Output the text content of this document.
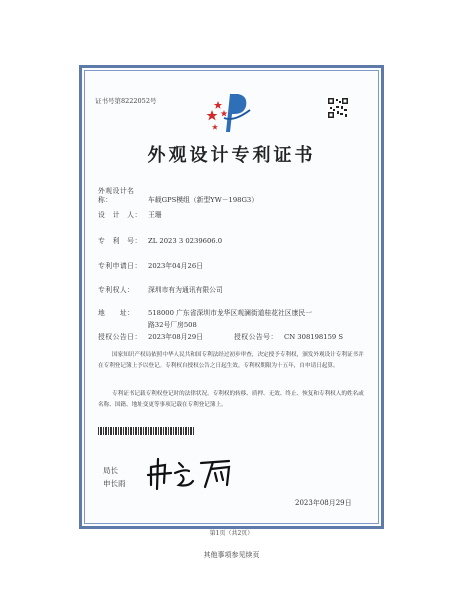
证书号第8222052号
外观设计专利证书
外观设计名称：	车载GPS模组（新型YW－198G3）
设　计　人： 王珊
专　利　号： ZL 2023 3 0239606.0
专利申请日： 2023年04月26日
专利权人： 深圳市有为通讯有限公司
地　　址： 518000 广东省深圳市龙华区观澜街道桂花社区康民一
路32号厂房508
授权公告日： 2023年08月29日	授权公告号： CN 308198159 S
国家知识产权局依照中华人民共和国专利法经过初步审查，决定授予专利权，颁发外观设计专利证书并在专利登记簿上予以登记。专利权自授权公告之日起生效。专利权期限为十五年，自申请日起算。
专利证书记载专利权登记时的法律状况。专利权的转移、质押、无效、终止、恢复和专利权人的姓名或名称、国籍、地址变更等事项记载在专利登记簿上。
局长
申长雨
2023年08月29日
第1页（共2页）
其他事项参见续页
